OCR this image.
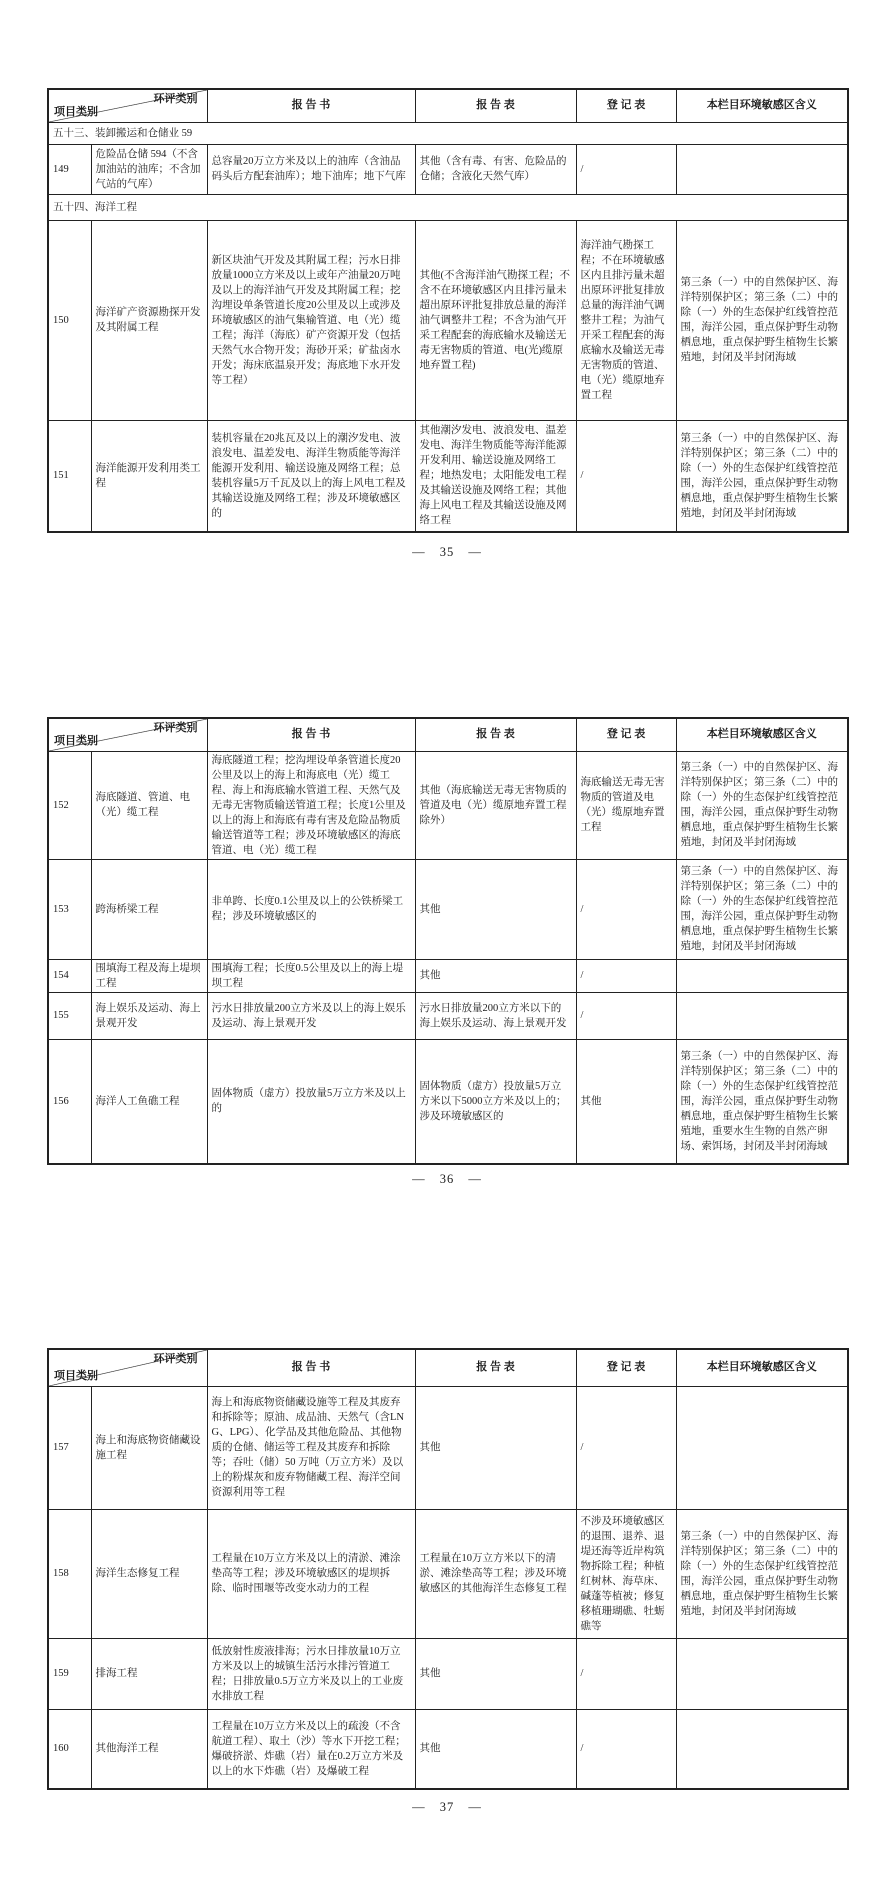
环评类别
项目类别		报 告 书	报 告 表	登 记 表	本栏目环境敏感区含义
五十三、装卸搬运和仓储业 59					
149	危险品仓储 594（不含加油站的油库；不含加气站的气库）	总容量20万立方米及以上的油库（含油品码头后方配套油库）；地下油库；地下气库	其他（含有毒、有害、危险品的仓储；含液化天然气库）	/	
五十四、海洋工程					
150	海洋矿产资源勘探开发及其附属工程	新区块油气开发及其附属工程；污水日排放量1000立方米及以上或年产油量20万吨及以上的海洋油气开发及其附属工程；挖沟埋设单条管道长度20公里及以上或涉及环境敏感区的油气集输管道、电（光）缆工程；海洋（海底）矿产资源开发（包括天然气水合物开发；海砂开采；矿盐卤水开发；海床底温泉开发；海底地下水开发等工程）	其他(不含海洋油气勘探工程；不含不在环境敏感区内且排污量未超出原环评批复排放总量的海洋油气调整井工程；不含为油气开采工程配套的海底输水及输送无毒无害物质的管道、电(光)缆原地弃置工程)	海洋油气勘探工程；不在环境敏感区内且排污量未超出原环评批复排放总量的海洋油气调整井工程；为油气开采工程配套的海底输水及输送无毒无害物质的管道、电（光）缆原地弃置工程	第三条（一）中的自然保护区、海洋特别保护区；第三条（二）中的除（一）外的生态保护红线管控范围，海洋公园，重点保护野生动物栖息地，重点保护野生植物生长繁殖地，封闭及半封闭海域
151	海洋能源开发利用类工程	装机容量在20兆瓦及以上的潮汐发电、波浪发电、温差发电、海洋生物质能等海洋能源开发利用、输送设施及网络工程；总装机容量5万千瓦及以上的海上风电工程及其输送设施及网络工程；涉及环境敏感区的	其他潮汐发电、波浪发电、温差发电、海洋生物质能等海洋能源开发利用、输送设施及网络工程；地热发电；太阳能发电工程及其输送设施及网络工程；其他海上风电工程及其输送设施及网络工程	/	第三条（一）中的自然保护区、海洋特别保护区；第三条（二）中的除（一）外的生态保护红线管控范围，海洋公园，重点保护野生动物栖息地，重点保护野生植物生长繁殖地，封闭及半封闭海域
— 35 —
环评类别
项目类别		报 告 书	报 告 表	登 记 表	本栏目环境敏感区含义
152	海底隧道、管道、电（光）缆工程	海底隧道工程；挖沟埋设单条管道长度20公里及以上的海上和海底电（光）缆工程、海上和海底输水管道工程、天然气及无毒无害物质输送管道工程；长度1公里及以上的海上和海底有毒有害及危险品物质输送管道等工程；涉及环境敏感区的海底管道、电（光）缆工程	其他（海底输送无毒无害物质的管道及电（光）缆原地弃置工程除外）	海底输送无毒无害物质的管道及电（光）缆原地弃置工程	第三条（一）中的自然保护区、海洋特别保护区；第三条（二）中的除（一）外的生态保护红线管控范围，海洋公园，重点保护野生动物栖息地，重点保护野生植物生长繁殖地，封闭及半封闭海域
153	跨海桥梁工程	非单跨、长度0.1公里及以上的公铁桥梁工程；涉及环境敏感区的	其他	/	第三条（一）中的自然保护区、海洋特别保护区；第三条（二）中的除（一）外的生态保护红线管控范围，海洋公园，重点保护野生动物栖息地，重点保护野生植物生长繁殖地，封闭及半封闭海域
154	围填海工程及海上堤坝工程	围填海工程；长度0.5公里及以上的海上堤坝工程	其他	/	
155	海上娱乐及运动、海上景观开发	污水日排放量200立方米及以上的海上娱乐及运动、海上景观开发	污水日排放量200立方米以下的海上娱乐及运动、海上景观开发	/	
156	海洋人工鱼礁工程	固体物质（虚方）投放量5万立方米及以上的	固体物质（虚方）投放量5万立方米以下5000立方米及以上的；涉及环境敏感区的	其他	第三条（一）中的自然保护区、海洋特别保护区；第三条（二）中的除（一）外的生态保护红线管控范围，海洋公园，重点保护野生动物栖息地，重点保护野生植物生长繁殖地，重要水生生物的自然产卵场、索饵场，封闭及半封闭海域
— 36 —
环评类别
项目类别		报 告 书	报 告 表	登 记 表	本栏目环境敏感区含义
157	海上和海底物资储藏设施工程	海上和海底物资储藏设施等工程及其废弃和拆除等；原油、成品油、天然气（含LNG、LPG）、化学品及其他危险品、其他物质的仓储、储运等工程及其废弃和拆除等；吞吐（储）50 万吨（万立方米）及以上的粉煤灰和废弃物储藏工程、海洋空间资源利用等工程	其他	/	
158	海洋生态修复工程	工程量在10万立方米及以上的清淤、滩涂垫高等工程；涉及环境敏感区的堤坝拆除、临时围堰等改变水动力的工程	工程量在10万立方米以下的清淤、滩涂垫高等工程；涉及环境敏感区的其他海洋生态修复工程	不涉及环境敏感区的退围、退养、退堤还海等近岸构筑物拆除工程；种植红树林、海草床、碱蓬等植被；修复移植珊瑚礁、牡蛎礁等	第三条（一）中的自然保护区、海洋特别保护区；第三条（二）中的除（一）外的生态保护红线管控范围，海洋公园，重点保护野生动物栖息地，重点保护野生植物生长繁殖地，封闭及半封闭海域
159	排海工程	低放射性废液排海；污水日排放量10万立方米及以上的城镇生活污水排污管道工程；日排放量0.5万立方米及以上的工业废水排放工程	其他	/	
160	其他海洋工程	工程量在10万立方米及以上的疏浚（不含航道工程）、取土（沙）等水下开挖工程；爆破挤淤、炸礁（岩）量在0.2万立方米及以上的水下炸礁（岩）及爆破工程	其他	/	
— 37 —
